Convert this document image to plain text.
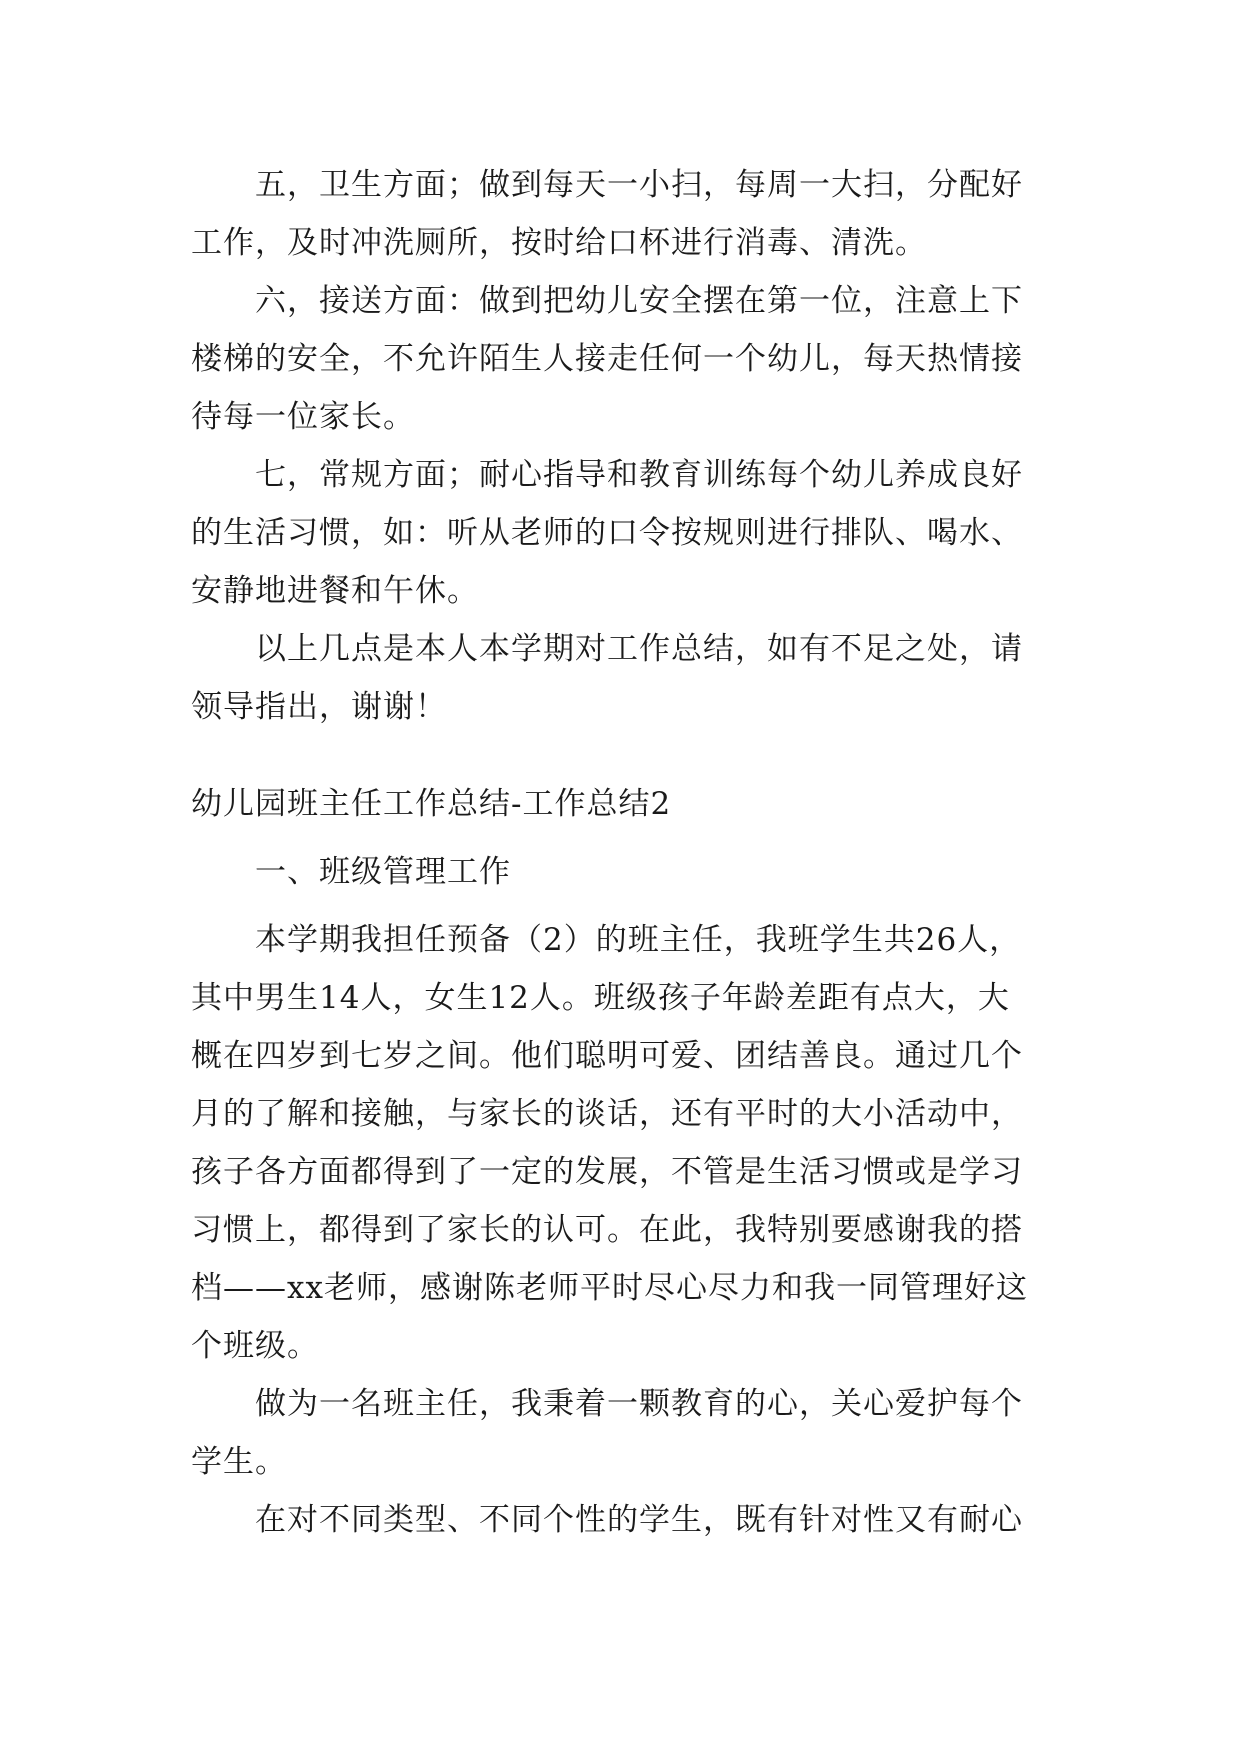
五，卫生方面；做到每天一小扫，每周一大扫，分配好

工作，及时冲洗厕所，按时给口杯进行消毒、清洗。

六，接送方面：做到把幼儿安全摆在第一位，注意上下

楼梯的安全，不允许陌生人接走任何一个幼儿，每天热情接

待每一位家长。

七，常规方面；耐心指导和教育训练每个幼儿养成良好

的生活习惯，如：听从老师的口令按规则进行排队、喝水、

安静地进餐和午休。

以上几点是本人本学期对工作总结，如有不足之处，请

领导指出，谢谢！

幼儿园班主任工作总结-工作总结2
一、班级管理工作

本学期我担任预备（2）的班主任，我班学生共26人，

其中男生14人，女生12人。班级孩子年龄差距有点大，大

概在四岁到七岁之间。他们聪明可爱、团结善良。通过几个

月的了解和接触，与家长的谈话，还有平时的大小活动中，

孩子各方面都得到了一定的发展，不管是生活习惯或是学习

习惯上，都得到了家长的认可。在此，我特别要感谢我的搭

档——xx老师，感谢陈老师平时尽心尽力和我一同管理好这

个班级。

做为一名班主任，我秉着一颗教育的心，关心爱护每个

学生。

在对不同类型、不同个性的学生，既有针对性又有耐心
